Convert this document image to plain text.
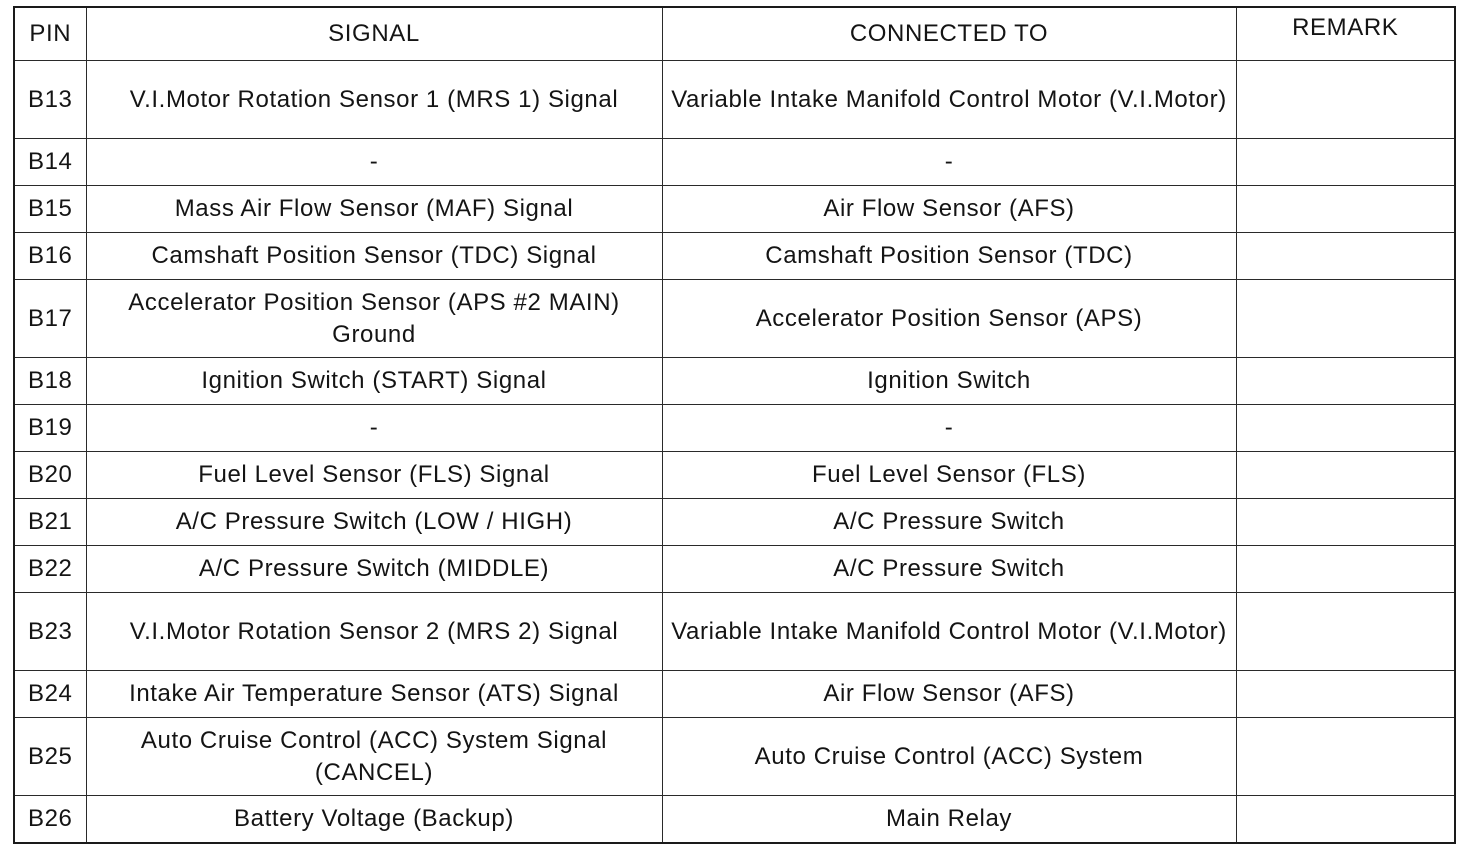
PIN	SIGNAL	CONNECTED TO	REMARK
B13	V.I.Motor Rotation Sensor 1 (MRS 1) Signal	Variable Intake Manifold Control Motor (V.I.Motor)	
B14	-	-	
B15	Mass Air Flow Sensor (MAF) Signal	Air Flow Sensor (AFS)	
B16	Camshaft Position Sensor (TDC) Signal	Camshaft Position Sensor (TDC)	
B17	Accelerator Position Sensor (APS #2 MAIN) Ground	Accelerator Position Sensor (APS)	
B18	Ignition Switch (START) Signal	Ignition Switch	
B19	-	-	
B20	Fuel Level Sensor (FLS) Signal	Fuel Level Sensor (FLS)	
B21	A/C Pressure Switch (LOW / HIGH)	A/C Pressure Switch	
B22	A/C Pressure Switch (MIDDLE)	A/C Pressure Switch	
B23	V.I.Motor Rotation Sensor 2 (MRS 2) Signal	Variable Intake Manifold Control Motor (V.I.Motor)	
B24	Intake Air Temperature Sensor (ATS) Signal	Air Flow Sensor (AFS)	
B25	Auto Cruise Control (ACC) System Signal (CANCEL)	Auto Cruise Control (ACC) System	
B26	Battery Voltage (Backup)	Main Relay	
